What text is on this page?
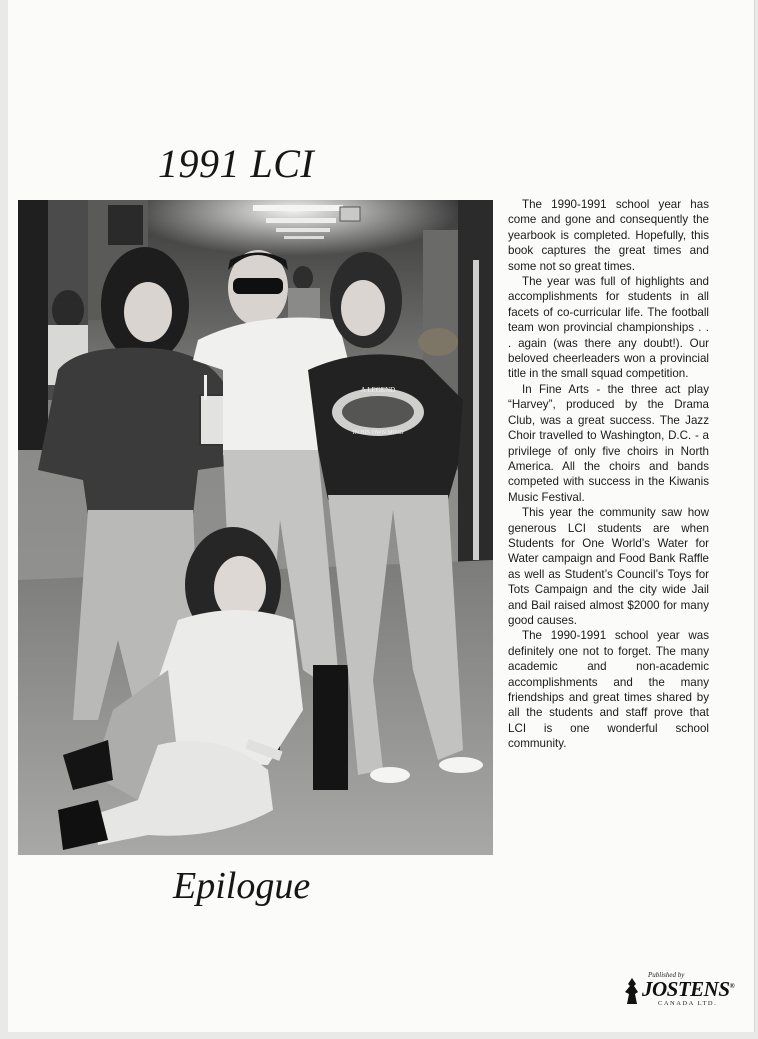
1991 LCI
A LEGEND
IN HIS OWN MIND

The 1990-1991 school year has come and gone and consequently the yearbook is completed. Hopefully, this book captures the great times and some not so great times.

The year was full of highlights and accomplishments for students in all facets of co-curricular life. The football team won provincial championships . . . again (was there any doubt!). Our beloved cheerleaders won a provincial title in the small squad competition.

In Fine Arts - the three act play “Harvey”, produced by the Drama Club, was a great success. The Jazz Choir travelled to Washington, D.C. - a privilege of only five choirs in North America. All the choirs and bands competed with success in the Kiwanis Music Festival.

This year the community saw how generous LCI students are when Students for One World’s Water for Water campaign and Food Bank Raffle as well as Student’s Council’s Toys for Tots Campaign and the city wide Jail and Bail raised almost $2000 for many good causes.

The 1990-1991 school year was definitely one not to forget. The many academic and non-academic accomplishments and the many friendships and great times shared by all the students and staff prove that LCI is one wonderful school community.

Epilogue
Published by
JOSTENS®
CANADA LTD.
